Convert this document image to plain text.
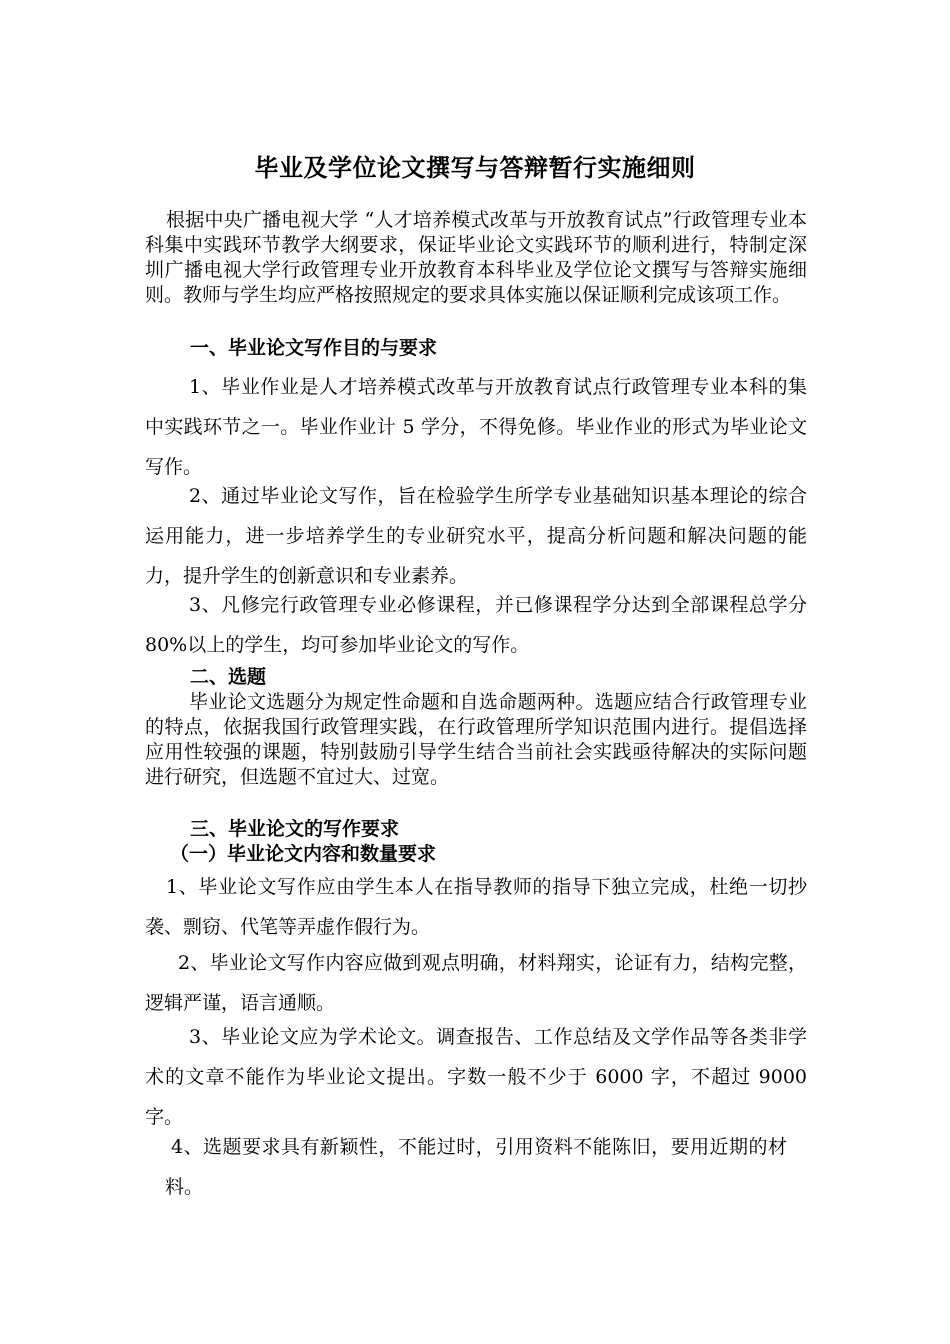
毕业及学位论文撰写与答辩暂行实施细则

根据中央广播电视大学 “人才培养模式改革与开放教育试点”行政管理专业本科集中实践环节教学大纲要求，保证毕业论文实践环节的顺利进行，特制定深圳广播电视大学行政管理专业开放教育本科毕业及学位论文撰写与答辩实施细则。教师与学生均应严格按照规定的要求具体实施以保证顺利完成该项工作。

一、毕业论文写作目的与要求

1、毕业作业是人才培养模式改革与开放教育试点行政管理专业本科的集中实践环节之一。毕业作业计 5 学分，不得免修。毕业作业的形式为毕业论文写作。

2、通过毕业论文写作，旨在检验学生所学专业基础知识基本理论的综合运用能力，进一步培养学生的专业研究水平，提高分析问题和解决问题的能力，提升学生的创新意识和专业素养。

3、凡修完行政管理专业必修课程，并已修课程学分达到全部课程总学分 80%以上的学生，均可参加毕业论文的写作。

二、选题

毕业论文选题分为规定性命题和自选命题两种。选题应结合行政管理专业的特点，依据我国行政管理实践，在行政管理所学知识范围内进行。提倡选择应用性较强的课题，特别鼓励引导学生结合当前社会实践亟待解决的实际问题进行研究，但选题不宜过大、过宽。

三、毕业论文的写作要求
（一）毕业论文内容和数量要求

1、毕业论文写作应由学生本人在指导教师的指导下独立完成，杜绝一切抄袭、剽窃、代笔等弄虚作假行为。

2、毕业论文写作内容应做到观点明确，材料翔实，论证有力，结构完整，逻辑严谨，语言通顺。

3、毕业论文应为学术论文。调查报告、工作总结及文学作品等各类非学术的文章不能作为毕业论文提出。字数一般不少于 6000 字，不超过 9000 字。

4、选题要求具有新颖性，不能过时，引用资料不能陈旧，要用近期的材料。
